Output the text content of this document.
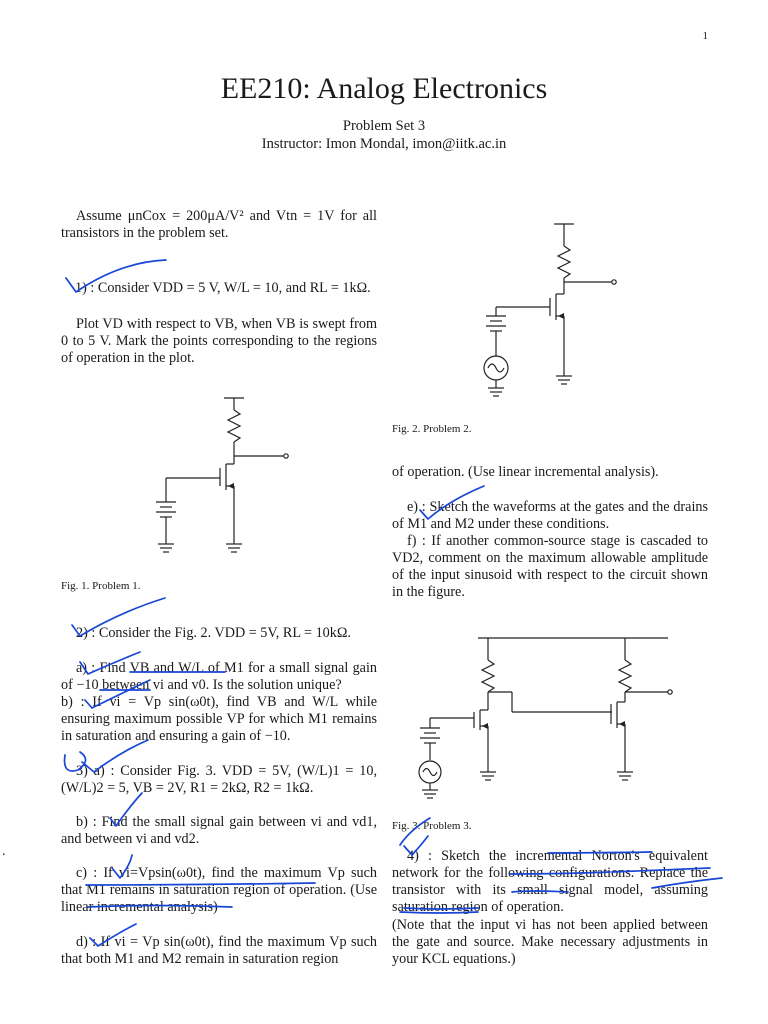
1
EE210: Analog Electronics
Problem Set 3
Instructor: Imon Mondal, imon@iitk.ac.in
Assume μnCox = 200μA/V² and Vtn = 1V for all transistors in the problem set.
1) : Consider VDD = 5 V, W/L = 10, and RL = 1kΩ.
Plot VD with respect to VB, when VB is swept from 0 to 5 V. Mark the points corresponding to the regions of operation in the plot.
Fig. 1. Problem 1.
2) : Consider the Fig. 2. VDD = 5V, RL = 10kΩ.
a) : Find VB and W/L of M1 for a small signal gain of −10 between vi and v0. Is the solution unique?
b) : If vi = Vp sin(ω0t), find VB and W/L while ensuring maximum possible VP for which M1 remains in saturation and ensuring a gain of −10.
3) a) : Consider Fig. 3. VDD = 5V, (W/L)1 = 10, (W/L)2 = 5, VB = 2V, R1 = 2kΩ, R2 = 1kΩ.
b) : Find the small signal gain between vi and vd1, and between vi and vd2.
c) : If vi=Vpsin(ω0t), find the maximum Vp such that M1 remains in saturation region of operation. (Use linear incremental analysis)
d) : If vi = Vp sin(ω0t), find the maximum Vp such that both M1 and M2 remain in saturation region
.
Fig. 2. Problem 2.
of operation. (Use linear incremental analysis).
e) : Sketch the waveforms at the gates and the drains of M1 and M2 under these conditions.
f) : If another common-source stage is cascaded to VD2, comment on the maximum allowable amplitude of the input sinusoid with respect to the circuit shown in the figure.
Fig. 3. Problem 3.
4) : Sketch the incremental Norton's equivalent network for the following configurations. Replace the transistor with its small signal model, assuming saturation region of operation.
(Note that the input vi has not been applied between the gate and source. Make necessary adjustments in your KCL equations.)
